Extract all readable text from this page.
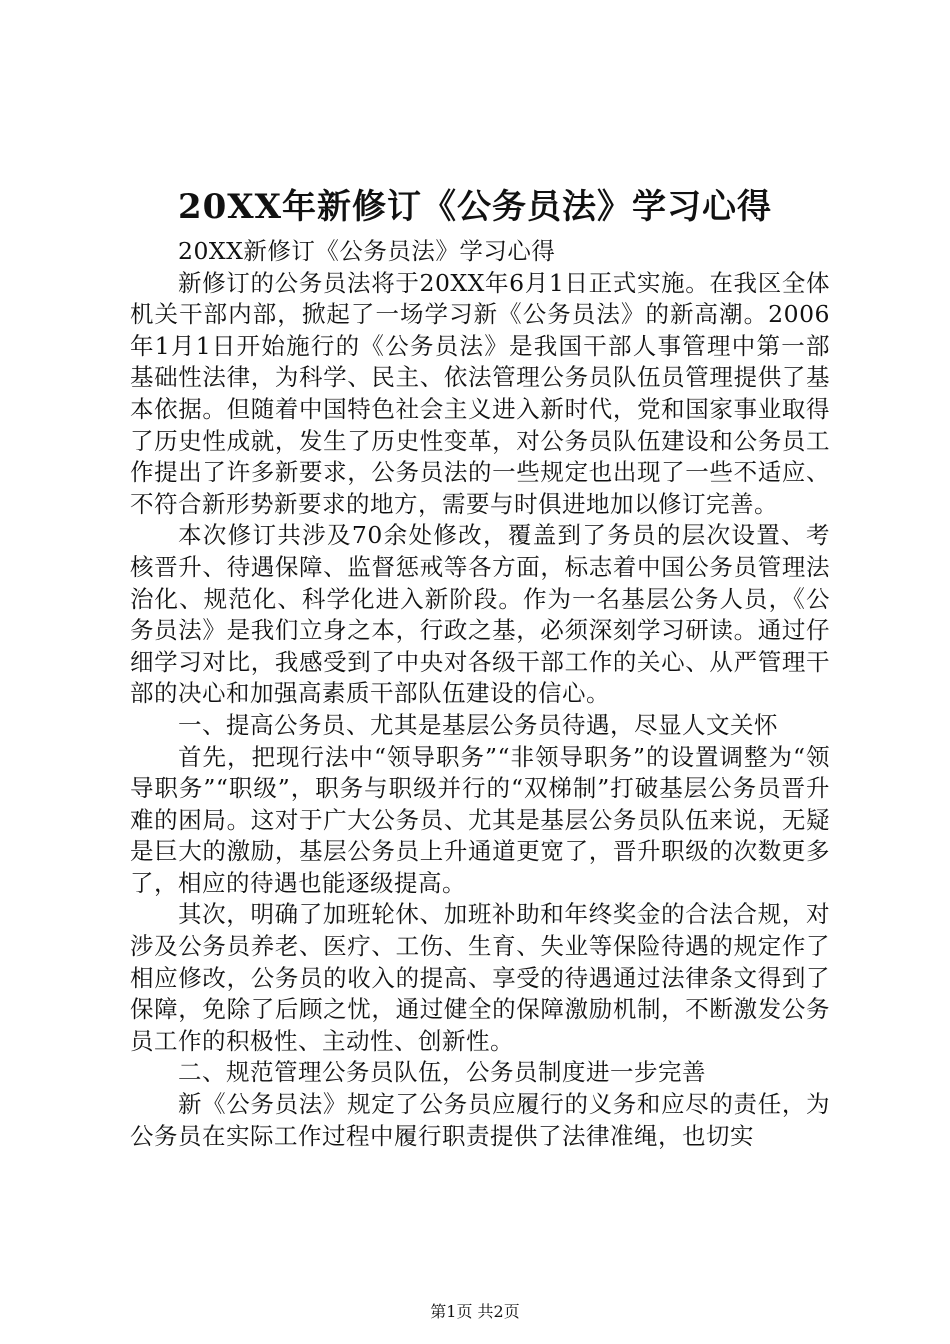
20XX年新修订《公务员法》学习心得

20XX新修订《公务员法》学习心得

新修订的公务员法将于20XX年6月1日正式实施。在我区全体机关干部内部，掀起了一场学习新《公务员法》的新高潮。2006年1月1日开始施行的《公务员法》是我国干部人事管理中第一部基础性法律，为科学、民主、依法管理公务员队伍员管理提供了基本依据。但随着中国特色社会主义进入新时代，党和国家事业取得了历史性成就，发生了历史性变革，对公务员队伍建设和公务员工作提出了许多新要求，公务员法的一些规定也出现了一些不适应、不符合新形势新要求的地方，需要与时俱进地加以修订完善。

本次修订共涉及70余处修改，覆盖到了务员的层次设置、考核晋升、待遇保障、监督惩戒等各方面，标志着中国公务员管理法治化、规范化、科学化进入新阶段。作为一名基层公务人员，《公务员法》是我们立身之本，行政之基，必须深刻学习研读。通过仔细学习对比，我感受到了中央对各级干部工作的关心、从严管理干部的决心和加强高素质干部队伍建设的信心。

一、提高公务员、尤其是基层公务员待遇，尽显人文关怀

首先，把现行法中“领导职务”“非领导职务”的设置调整为“领导职务”“职级”，职务与职级并行的“双梯制”打破基层公务员晋升难的困局。这对于广大公务员、尤其是基层公务员队伍来说，无疑是巨大的激励，基层公务员上升通道更宽了，晋升职级的次数更多了，相应的待遇也能逐级提高。

其次，明确了加班轮休、加班补助和年终奖金的合法合规，对涉及公务员养老、医疗、工伤、生育、失业等保险待遇的规定作了相应修改，公务员的收入的提高、享受的待遇通过法律条文得到了保障，免除了后顾之忧，通过健全的保障激励机制，不断激发公务员工作的积极性、主动性、创新性。

二、规范管理公务员队伍，公务员制度进一步完善

新《公务员法》规定了公务员应履行的义务和应尽的责任，为公务员在实际工作过程中履行职责提供了法律准绳，也切实

第1页 共2页
